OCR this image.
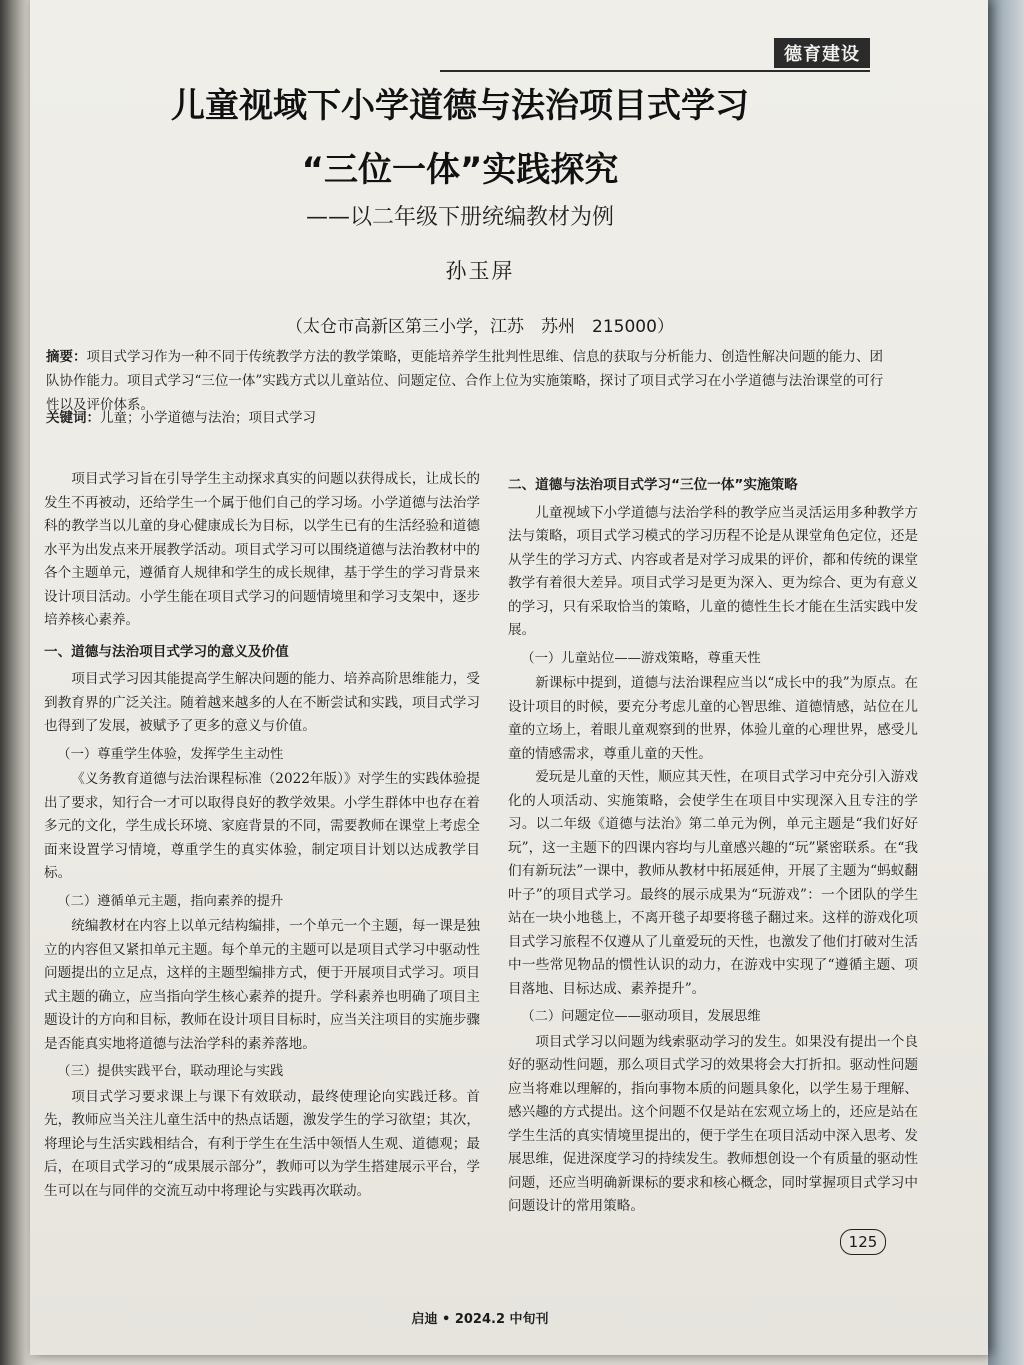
德育建设
儿童视域下小学道德与法治项目式学习
“三位一体”实践探究
——以二年级下册统编教材为例
孙玉屏
（太仓市高新区第三小学，江苏　苏州　215000）
摘要：项目式学习作为一种不同于传统教学方法的教学策略，更能培养学生批判性思维、信息的获取与分析能力、创造性解决问题的能力、团队协作能力。项目式学习“三位一体”实践方式以儿童站位、问题定位、合作上位为实施策略，探讨了项目式学习在小学道德与法治课堂的可行性以及评价体系。
关键词：儿童；小学道德与法治；项目式学习

项目式学习旨在引导学生主动探求真实的问题以获得成长，让成长的发生不再被动，还给学生一个属于他们自己的学习场。小学道德与法治学科的教学当以儿童的身心健康成长为目标，以学生已有的生活经验和道德水平为出发点来开展教学活动。项目式学习可以围绕道德与法治教材中的各个主题单元，遵循育人规律和学生的成长规律，基于学生的学习背景来设计项目活动。小学生能在项目式学习的问题情境里和学习支架中，逐步培养核心素养。

一、道德与法治项目式学习的意义及价值

项目式学习因其能提高学生解决问题的能力、培养高阶思维能力，受到教育界的广泛关注。随着越来越多的人在不断尝试和实践，项目式学习也得到了发展，被赋予了更多的意义与价值。

（一）尊重学生体验，发挥学生主动性

《义务教育道德与法治课程标准（2022年版）》对学生的实践体验提出了要求，知行合一才可以取得良好的教学效果。小学生群体中也存在着多元的文化，学生成长环境、家庭背景的不同，需要教师在课堂上考虑全面来设置学习情境，尊重学生的真实体验，制定项目计划以达成教学目标。

（二）遵循单元主题，指向素养的提升

统编教材在内容上以单元结构编排，一个单元一个主题，每一课是独立的内容但又紧扣单元主题。每个单元的主题可以是项目式学习中驱动性问题提出的立足点，这样的主题型编排方式，便于开展项目式学习。项目式主题的确立，应当指向学生核心素养的提升。学科素养也明确了项目主题设计的方向和目标，教师在设计项目目标时，应当关注项目的实施步骤是否能真实地将道德与法治学科的素养落地。

（三）提供实践平台，联动理论与实践

项目式学习要求课上与课下有效联动，最终使理论向实践迁移。首先，教师应当关注儿童生活中的热点话题，激发学生的学习欲望；其次，将理论与生活实践相结合，有利于学生在生活中领悟人生观、道德观；最后，在项目式学习的“成果展示部分”，教师可以为学生搭建展示平台，学生可以在与同伴的交流互动中将理论与实践再次联动。

二、道德与法治项目式学习“三位一体”实施策略

儿童视域下小学道德与法治学科的教学应当灵活运用多种教学方法与策略，项目式学习模式的学习历程不论是从课堂角色定位，还是从学生的学习方式、内容或者是对学习成果的评价，都和传统的课堂教学有着很大差异。项目式学习是更为深入、更为综合、更为有意义的学习，只有采取恰当的策略，儿童的德性生长才能在生活实践中发展。

（一）儿童站位——游戏策略，尊重天性

新课标中提到，道德与法治课程应当以“成长中的我”为原点。在设计项目的时候，要充分考虑儿童的心智思维、道德情感，站位在儿童的立场上，着眼儿童观察到的世界，体验儿童的心理世界，感受儿童的情感需求，尊重儿童的天性。

爱玩是儿童的天性，顺应其天性，在项目式学习中充分引入游戏化的人项活动、实施策略，会使学生在项目中实现深入且专注的学习。以二年级《道德与法治》第二单元为例，单元主题是“我们好好玩”，这一主题下的四课内容均与儿童感兴趣的“玩”紧密联系。在“我们有新玩法”一课中，教师从教材中拓展延伸，开展了主题为“蚂蚁翻叶子”的项目式学习。最终的展示成果为“玩游戏”：一个团队的学生站在一块小地毯上，不离开毯子却要将毯子翻过来。这样的游戏化项目式学习旅程不仅遵从了儿童爱玩的天性，也激发了他们打破对生活中一些常见物品的惯性认识的动力，在游戏中实现了“遵循主题、项目落地、目标达成、素养提升”。

（二）问题定位——驱动项目，发展思维

项目式学习以问题为线索驱动学习的发生。如果没有提出一个良好的驱动性问题，那么项目式学习的效果将会大打折扣。驱动性问题应当将难以理解的，指向事物本质的问题具象化，以学生易于理解、感兴趣的方式提出。这个问题不仅是站在宏观立场上的，还应是站在学生生活的真实情境里提出的，便于学生在项目活动中深入思考、发展思维，促进深度学习的持续发生。教师想创设一个有质量的驱动性问题，还应当明确新课标的要求和核心概念，同时掌握项目式学习中问题设计的常用策略。

125
启迪 • 2024.2 中旬刊
